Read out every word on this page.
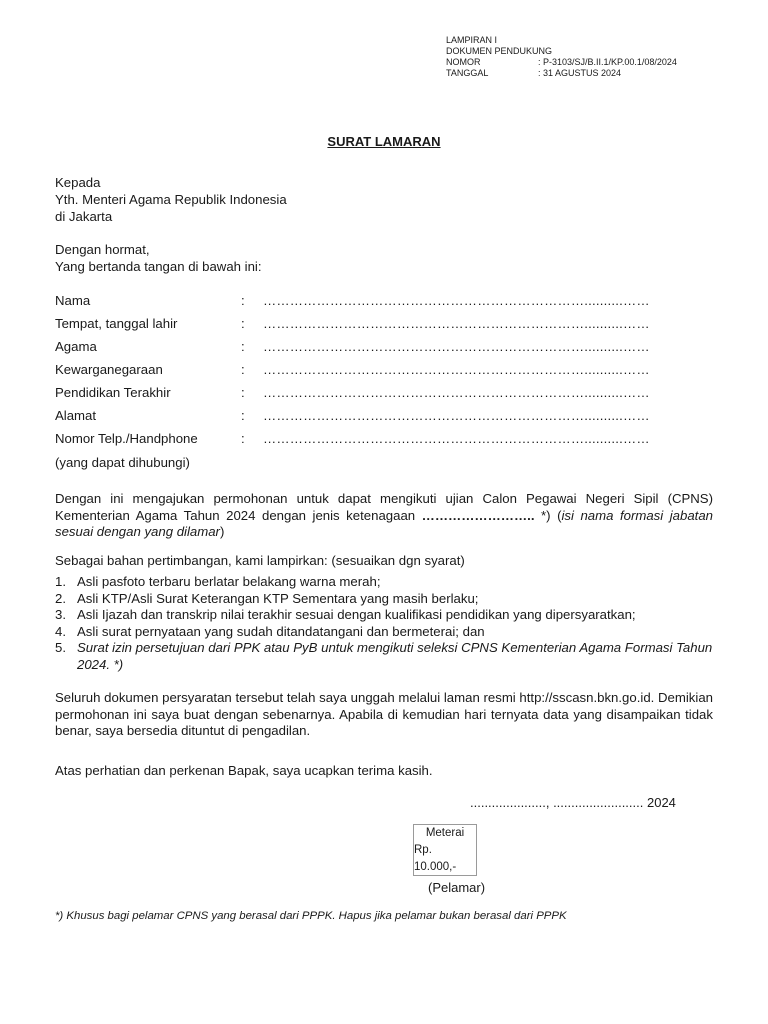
LAMPIRAN I
DOKUMEN PENDUKUNG
NOMOR	: P-3103/SJ/B.II.1/KP.00.1/08/2024
TANGGAL	: 31 AGUSTUS 2024
SURAT LAMARAN
Kepada
Yth. Menteri Agama Republik Indonesia
di Jakarta
Dengan hormat,
Yang bertanda tangan di bawah ini:
Nama	: ………………………………………………………………..........……
Tempat, tanggal lahir	: ………………………………………………………………..........……
Agama	: ………………………………………………………………..........……
Kewarganegaraan	: ………………………………………………………………..........……
Pendidikan Terakhir	: ………………………………………………………………..........……
Alamat	: ………………………………………………………………..........……
Nomor Telp./Handphone	: ………………………………………………………………..........……
(yang dapat dihubungi)
Dengan ini mengajukan permohonan untuk dapat mengikuti ujian Calon Pegawai Negeri Sipil (CPNS) Kementerian Agama Tahun 2024 dengan jenis ketenagaan …………………….. *) (isi nama formasi jabatan sesuai dengan yang dilamar)
Sebagai bahan pertimbangan, kami lampirkan: (sesuaikan dgn syarat)
1. Asli pasfoto terbaru berlatar belakang warna merah;
2. Asli KTP/Asli Surat Keterangan KTP Sementara yang masih berlaku;
3. Asli Ijazah dan transkrip nilai terakhir sesuai dengan kualifikasi pendidikan yang dipersyaratkan;
4. Asli surat pernyataan yang sudah ditandatangani dan bermeterai; dan
5. Surat izin persetujuan dari PPK atau PyB untuk mengikuti seleksi CPNS Kementerian Agama Formasi Tahun 2024. *)
Seluruh dokumen persyaratan tersebut telah saya unggah melalui laman resmi http://sscasn.bkn.go.id. Demikian permohonan ini saya buat dengan sebenarnya. Apabila di kemudian hari ternyata data yang disampaikan tidak benar, saya bersedia dituntut di pengadilan.
Atas perhatian dan perkenan Bapak, saya ucapkan terima kasih.
....................., ......................... 2024
Meterai
Rp. 10.000,-
(Pelamar)
*) Khusus bagi pelamar CPNS yang berasal dari PPPK. Hapus jika pelamar bukan berasal dari PPPK
